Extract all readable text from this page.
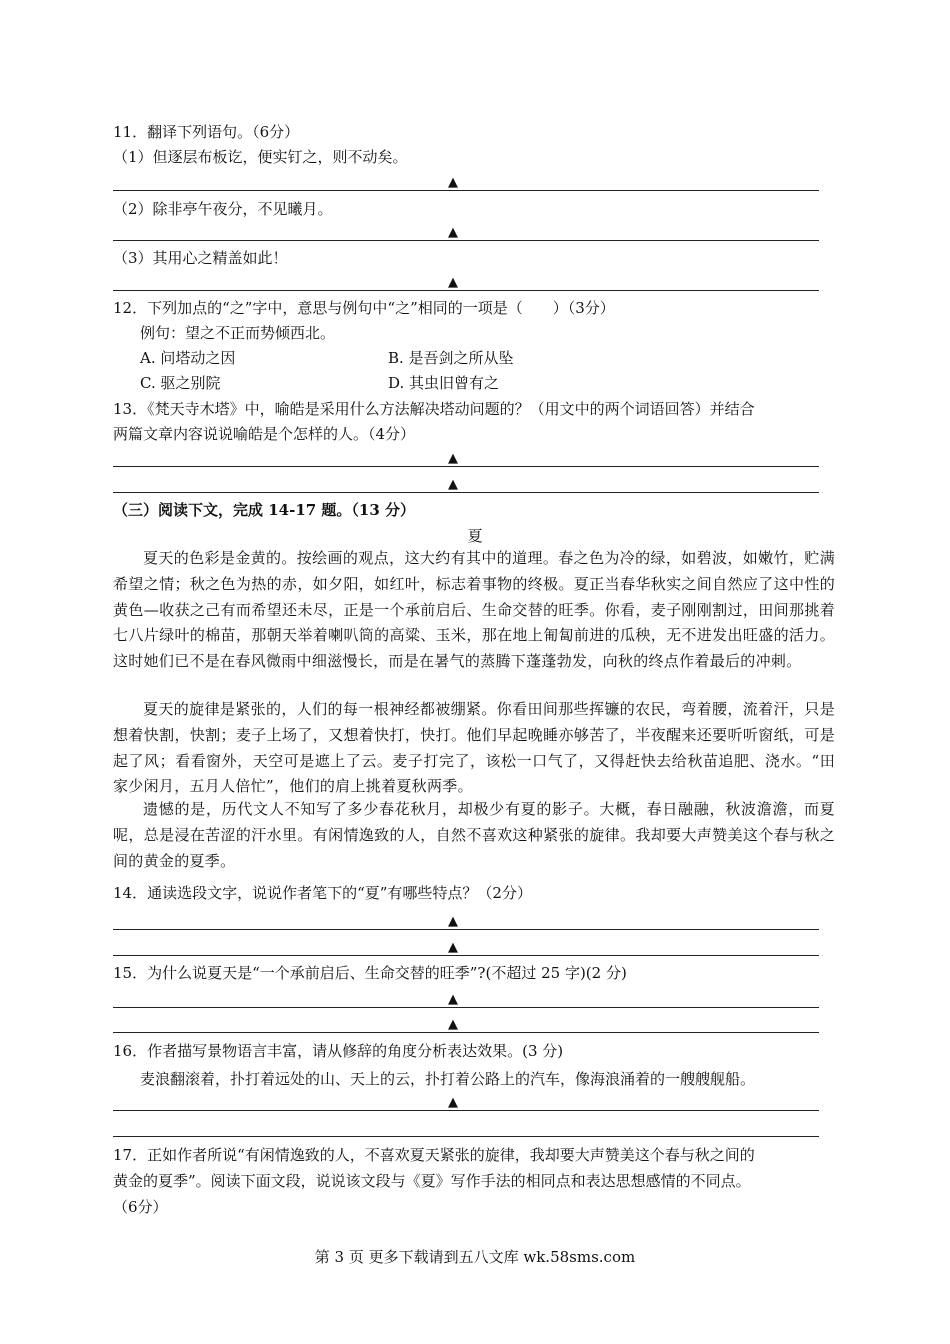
11．翻译下列语句。（6分）
（1）但逐层布板讫，便实钉之，则不动矣。
▲
（2）除非亭午夜分，不见曦月。
▲
（3）其用心之精盖如此！
▲
12．下列加点的“之”字中，意思与例句中“之”相同的一项是（　　）（3分）
例句：望之不正而势倾西北。
A. 问塔动之因	B. 是吾剑之所从坠
C. 驱之别院	D. 其虫旧曾有之
13．《梵天寺木塔》中，喻皓是采用什么方法解决塔动问题的？（用文中的两个词语回答）并结合
两篇文章内容说说喻皓是个怎样的人。（4分）
▲
▲
（三）阅读下文，完成 14-17 题。（13 分）
夏
夏天的色彩是金黄的。按绘画的观点，这大约有其中的道理。春之色为冷的绿，如碧波，如嫩竹，贮满希望之情；秋之色为热的赤，如夕阳，如红叶，标志着事物的终极。夏正当春华秋实之间自然应了这中性的黄色—收获之己有而希望还未尽，正是一个承前启后、生命交替的旺季。你看，麦子刚刚割过，田间那挑着七八片绿叶的棉苗，那朝天举着喇叭筒的高粱、玉米，那在地上匍匐前进的瓜秧，无不进发出旺盛的活力。这时她们已不是在春风微雨中细滋慢长，而是在暑气的蒸腾下蓬蓬勃发，向秋的终点作着最后的冲刺。
夏天的旋律是紧张的，人们的每一根神经都被绷紧。你看田间那些挥镰的农民，弯着腰，流着汗，只是想着快割，快割；麦子上场了，又想着快打，快打。他们早起晚睡亦够苦了，半夜醒来还要听听窗纸，可是起了风；看看窗外，天空可是遮上了云。麦子打完了，该松一口气了，又得赶快去给秋苗追肥、浇水。“田家少闲月，五月人倍忙”，他们的肩上挑着夏秋两季。
遗憾的是，历代文人不知写了多少春花秋月，却极少有夏的影子。大概，春日融融，秋波澹澹，而夏呢，总是浸在苦涩的汗水里。有闲情逸致的人，自然不喜欢这种紧张的旋律。我却要大声赞美这个春与秋之间的黄金的夏季。
14．通读选段文字，说说作者笔下的“夏”有哪些特点？（2分）
▲
▲
15．为什么说夏天是“一个承前启后、生命交替的旺季”?(不超过 25 字)(2 分)
▲
▲
16．作者描写景物语言丰富，请从修辞的角度分析表达效果。(3 分)
麦浪翻滚着，扑打着远处的山、天上的云，扑打着公路上的汽车，像海浪涌着的一艘艘舰船。
▲
17．正如作者所说“有闲情逸致的人，不喜欢夏天紧张的旋律，我却要大声赞美这个春与秋之间的
黄金的夏季”。阅读下面文段，说说该文段与《夏》写作手法的相同点和表达思想感情的不同点。
（6分）
第 3 页 更多下载请到五八文库 wk.58sms.com
